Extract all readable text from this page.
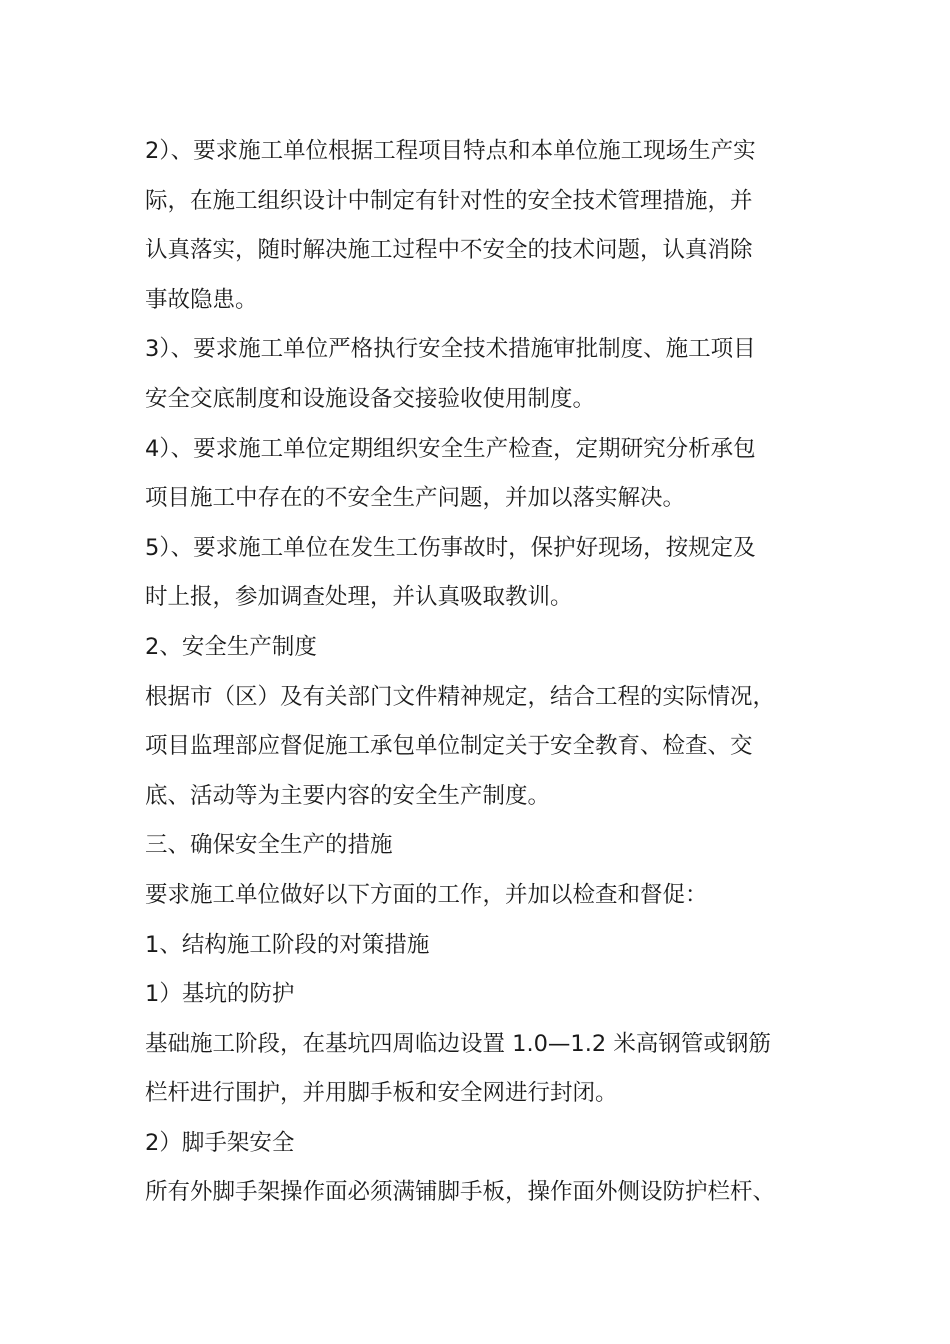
2）、要求施工单位根据工程项目特点和本单位施工现场生产实
际，在施工组织设计中制定有针对性的安全技术管理措施，并
认真落实，随时解决施工过程中不安全的技术问题，认真消除
事故隐患。
3）、要求施工单位严格执行安全技术措施审批制度、施工项目
安全交底制度和设施设备交接验收使用制度。
4）、要求施工单位定期组织安全生产检查，定期研究分析承包
项目施工中存在的不安全生产问题，并加以落实解决。
5）、要求施工单位在发生工伤事故时，保护好现场，按规定及
时上报，参加调查处理，并认真吸取教训。
2、安全生产制度
根据市（区）及有关部门文件精神规定，结合工程的实际情况，
项目监理部应督促施工承包单位制定关于安全教育、检查、交
底、活动等为主要内容的安全生产制度。
三、确保安全生产的措施
要求施工单位做好以下方面的工作，并加以检查和督促：
1、结构施工阶段的对策措施
1）基坑的防护
基础施工阶段，在基坑四周临边设置 1.0—1.2 米高钢管或钢筋
栏杆进行围护，并用脚手板和安全网进行封闭。
2）脚手架安全
所有外脚手架操作面必须满铺脚手板，操作面外侧设防护栏杆、
